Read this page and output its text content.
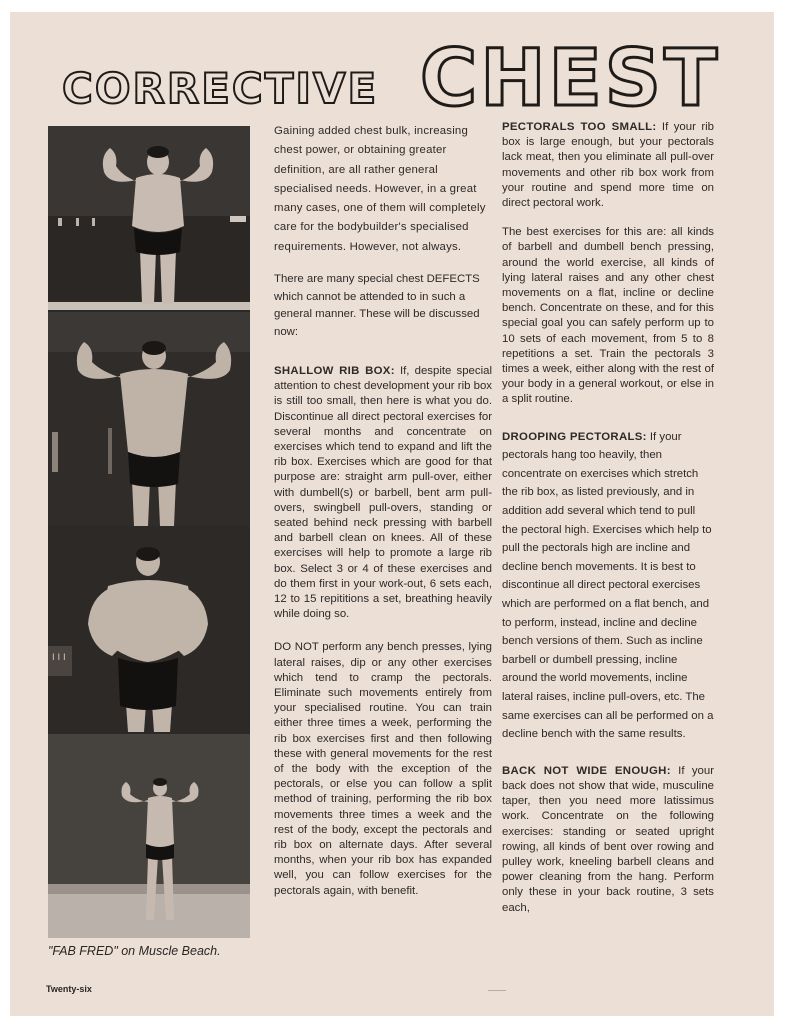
CORRECTIVE CHEST
I I I
"FAB FRED" on Muscle Beach.
Twenty-six

Gaining added chest bulk, increasing chest power, or obtaining greater definition, are all rather general specialised needs. However, in a great many cases, one of them will completely care for the bodybuilder's specialised requirements. However, not always.

There are many special chest DEFECTS which cannot be attended to in such a general manner. These will be discussed now:

SHALLOW RIB BOX: If, despite special attention to chest development your rib box is still too small, then here is what you do. Discontinue all direct pectoral exercises for several months and concentrate on exercises which tend to expand and lift the rib box. Exercises which are good for that purpose are: straight arm pull-over, either with dumbell(s) or barbell, bent arm pull-overs, swingbell pull-overs, standing or seated behind neck pressing with barbell and barbell clean on knees. All of these exercises will help to promote a large rib box. Select 3 or 4 of these exercises and do them first in your work-out, 6 sets each, 12 to 15 repititions a set, breathing heavily while doing so.

DO NOT perform any bench presses, lying lateral raises, dip or any other exercises which tend to cramp the pectorals. Eliminate such movements entirely from your specialised routine. You can train either three times a week, performing the rib box exercises first and then following these with general movements for the rest of the body with the exception of the pectorals, or else you can follow a split method of training, performing the rib box movements three times a week and the rest of the body, except the pectorals and rib box on alternate days. After several months, when your rib box has expanded well, you can follow exercises for the pectorals again, with benefit.

PECTORALS TOO SMALL: If your rib box is large enough, but your pectorals lack meat, then you eliminate all pull-over movements and other rib box work from your routine and spend more time on direct pectoral work.

The best exercises for this are: all kinds of barbell and dumbell bench pressing, around the world exercise, all kinds of lying lateral raises and any other chest movements on a flat, incline or decline bench. Concentrate on these, and for this special goal you can safely perform up to 10 sets of each movement, from 5 to 8 repetitions a set. Train the pectorals 3 times a week, either along with the rest of your body in a general workout, or else in a split routine.

DROOPING PECTORALS: If your pectorals hang too heavily, then concentrate on exercises which stretch the rib box, as listed previously, and in addition add several which tend to pull the pectoral high. Exercises which help to pull the pectorals high are incline and decline bench movements. It is best to discontinue all direct pectoral exercises which are performed on a flat bench, and to perform, instead, incline and decline bench versions of them. Such as incline barbell or dumbell pressing, incline around the world movements, incline lateral raises, incline pull-overs, etc. The same exercises can all be performed on a decline bench with the same results.

BACK NOT WIDE ENOUGH: If your back does not show that wide, musculine taper, then you need more latissimus work. Concentrate on the following exercises: standing or seated upright rowing, all kinds of bent over rowing and pulley work, kneeling barbell cleans and power cleaning from the hang. Perform only these in your back routine, 3 sets each,
